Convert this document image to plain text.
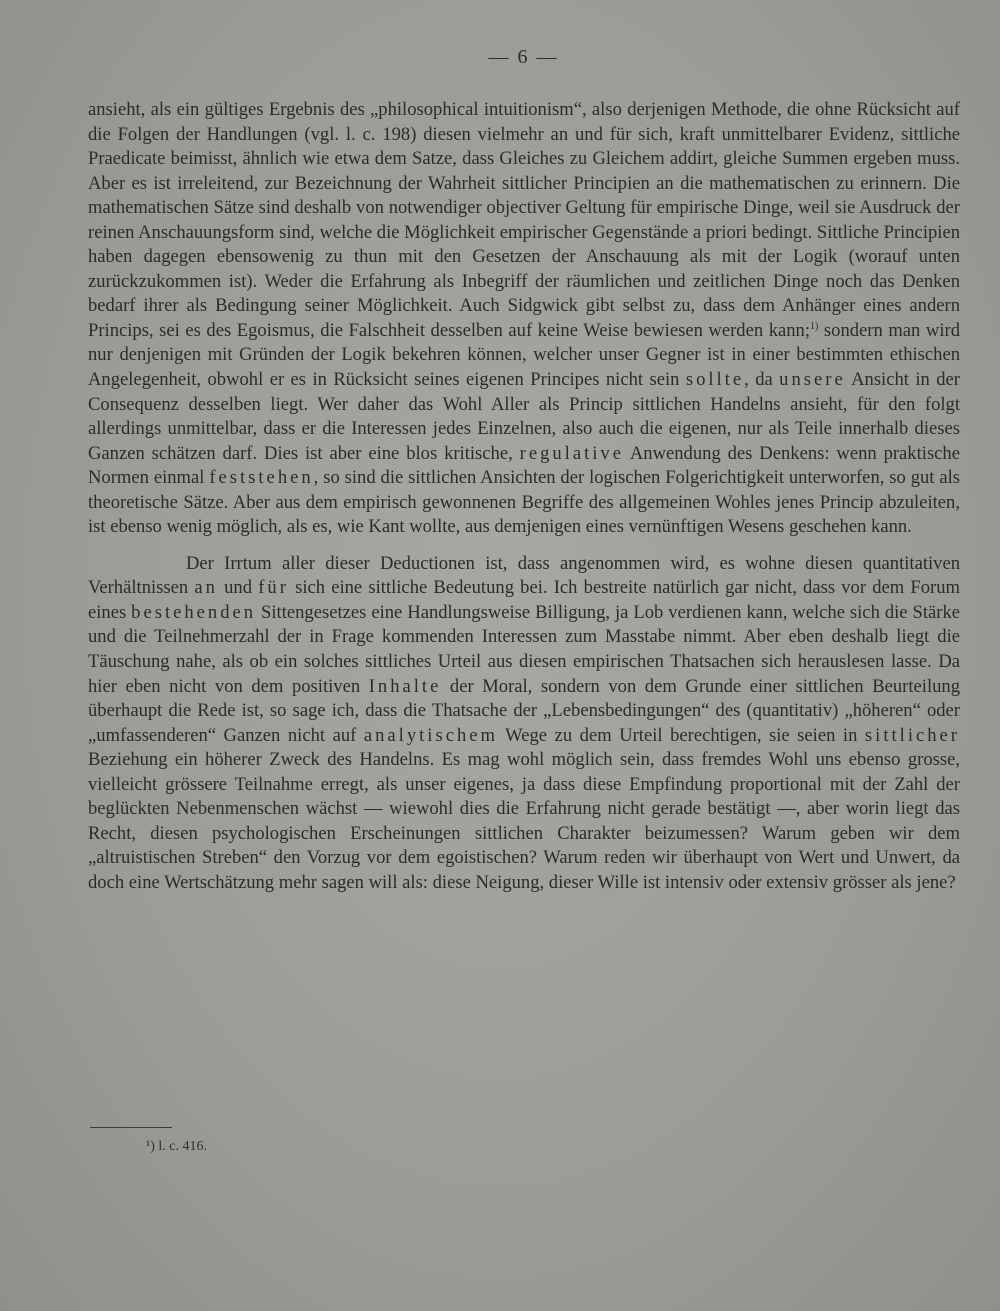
— 6 —

ansieht, als ein gültiges Ergebnis des „philosophical intuitionism“, also derjenigen Methode, die ohne Rücksicht auf die Folgen der Handlungen (vgl. l. c. 198) diesen vielmehr an und für sich, kraft unmittelbarer Evidenz, sittliche Praedicate beimisst, ähnlich wie etwa dem Satze, dass Gleiches zu Gleichem addirt, gleiche Summen ergeben muss. Aber es ist irreleitend, zur Bezeichnung der Wahrheit sittlicher Principien an die mathematischen zu erinnern. Die mathematischen Sätze sind deshalb von notwendiger objectiver Geltung für empirische Dinge, weil sie Ausdruck der reinen Anschauungsform sind, welche die Möglichkeit empirischer Gegenstände a priori bedingt. Sittliche Principien haben dagegen ebensowenig zu thun mit den Gesetzen der Anschauung als mit der Logik (worauf unten zurückzukommen ist). Weder die Erfahrung als Inbegriff der räumlichen und zeitlichen Dinge noch das Denken bedarf ihrer als Bedingung seiner Möglichkeit. Auch Sidgwick gibt selbst zu, dass dem Anhänger eines andern Princips, sei es des Egoismus, die Falschheit desselben auf keine Weise bewiesen werden kann;$^{1)}$ sondern man wird nur denjenigen mit Gründen der Logik bekehren können, welcher unser Gegner ist in einer bestimmten ethischen Angelegenheit, obwohl er es in Rücksicht seines eigenen Principes nicht sein sollte, da unsere Ansicht in der Consequenz desselben liegt. Wer daher das Wohl Aller als Princip sittlichen Handelns ansieht, für den folgt allerdings unmittelbar, dass er die Interessen jedes Einzelnen, also auch die eigenen, nur als Teile innerhalb dieses Ganzen schätzen darf. Dies ist aber eine blos kritische, regulative Anwendung des Denkens: wenn praktische Normen einmal feststehen, so sind die sittlichen Ansichten der logischen Folgerichtigkeit unterworfen, so gut als theoretische Sätze. Aber aus dem empirisch gewonnenen Begriffe des allgemeinen Wohles jenes Princip abzuleiten, ist ebenso wenig möglich, als es, wie Kant wollte, aus demjenigen eines vernünftigen Wesens geschehen kann.

Der Irrtum aller dieser Deductionen ist, dass angenommen wird, es wohne diesen quantitativen Verhältnissen an und für sich eine sittliche Bedeutung bei. Ich bestreite natürlich gar nicht, dass vor dem Forum eines bestehenden Sittengesetzes eine Handlungsweise Billigung, ja Lob verdienen kann, welche sich die Stärke und die Teilnehmerzahl der in Frage kommenden Interessen zum Masstabe nimmt. Aber eben deshalb liegt die Täuschung nahe, als ob ein solches sittliches Urteil aus diesen empirischen Thatsachen sich herauslesen lasse. Da hier eben nicht von dem positiven Inhalte der Moral, sondern von dem Grunde einer sittlichen Beurteilung überhaupt die Rede ist, so sage ich, dass die Thatsache der „Lebensbedingungen“ des (quantitativ) „höheren“ oder „umfassenderen“ Ganzen nicht auf analytischem Wege zu dem Urteil berechtigen, sie seien in sittlicher Beziehung ein höherer Zweck des Handelns. Es mag wohl möglich sein, dass fremdes Wohl uns ebenso grosse, vielleicht grössere Teilnahme erregt, als unser eigenes, ja dass diese Empfindung proportional mit der Zahl der beglückten Nebenmenschen wächst — wiewohl dies die Erfahrung nicht gerade bestätigt —, aber worin liegt das Recht, diesen psychologischen Erscheinungen sittlichen Charakter beizumessen? Warum geben wir dem „altruistischen Streben“ den Vorzug vor dem egoistischen? Warum reden wir überhaupt von Wert und Unwert, da doch eine Wertschätzung mehr sagen will als: diese Neigung, dieser Wille ist intensiv oder extensiv grösser als jene?

¹) l. c. 416.
